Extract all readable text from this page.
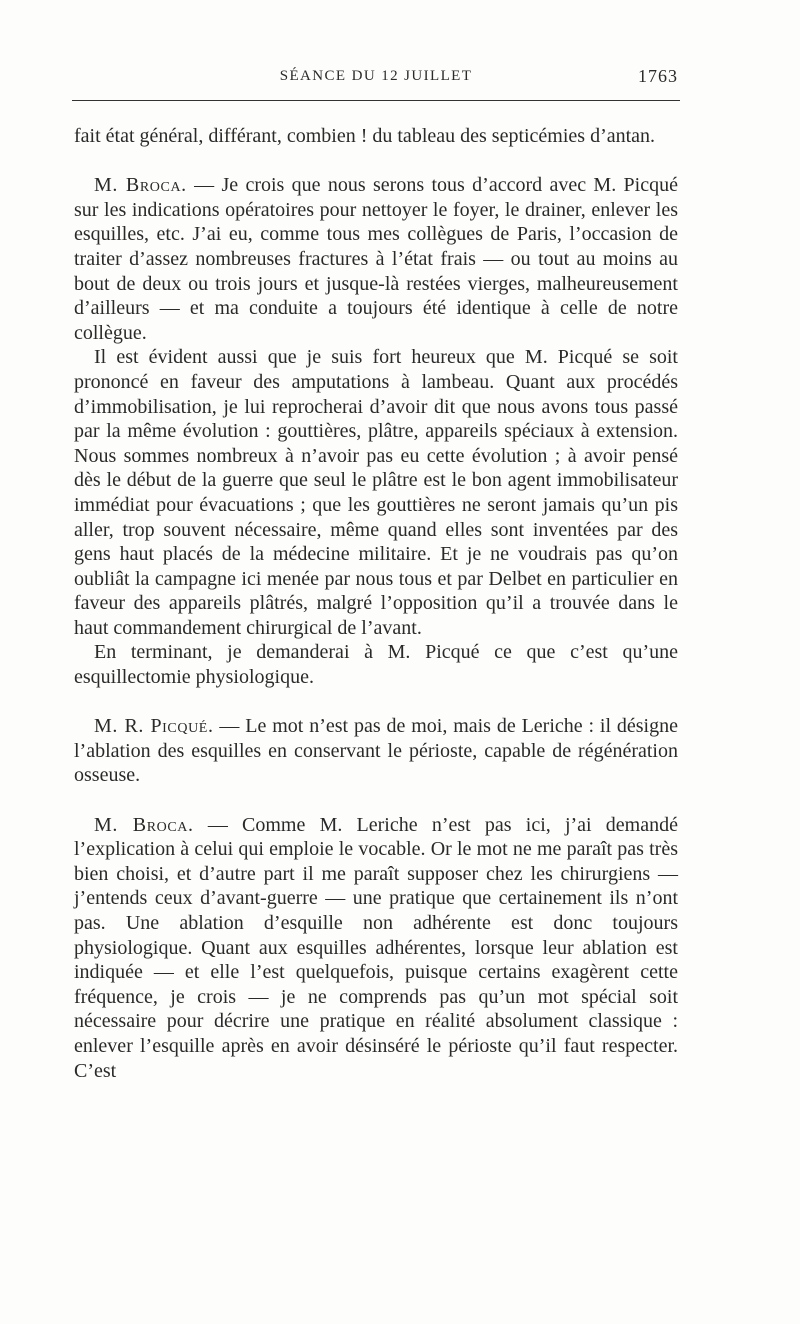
SÉANCE DU 12 JUILLET	1763

fait état général, différant, combien ! du tableau des septicémies d’antan.

M. Broca. — Je crois que nous serons tous d’accord avec M. Picqué sur les indications opératoires pour nettoyer le foyer, le drainer, enlever les esquilles, etc. J’ai eu, comme tous mes collègues de Paris, l’occasion de traiter d’assez nombreuses fractures à l’état frais — ou tout au moins au bout de deux ou trois jours et jusque-là restées vierges, malheureusement d’ailleurs — et ma conduite a toujours été identique à celle de notre collègue.

Il est évident aussi que je suis fort heureux que M. Picqué se soit prononcé en faveur des amputations à lambeau. Quant aux procédés d’immobilisation, je lui reprocherai d’avoir dit que nous avons tous passé par la même évolution : gouttières, plâtre, appareils spéciaux à extension. Nous sommes nombreux à n’avoir pas eu cette évolution ; à avoir pensé dès le début de la guerre que seul le plâtre est le bon agent immobilisateur immédiat pour évacuations ; que les gouttières ne seront jamais qu’un pis aller, trop souvent nécessaire, même quand elles sont inventées par des gens haut placés de la médecine militaire. Et je ne voudrais pas qu’on oubliât la campagne ici menée par nous tous et par Delbet en particulier en faveur des appareils plâtrés, malgré l’opposition qu’il a trouvée dans le haut commandement chirurgical de l’avant.

En terminant, je demanderai à M. Picqué ce que c’est qu’une esquillectomie physiologique.

M. R. Picqué. — Le mot n’est pas de moi, mais de Leriche : il désigne l’ablation des esquilles en conservant le périoste, capable de régénération osseuse.

M. Broca. — Comme M. Leriche n’est pas ici, j’ai demandé l’explication à celui qui emploie le vocable. Or le mot ne me paraît pas très bien choisi, et d’autre part il me paraît supposer chez les chirurgiens — j’entends ceux d’avant-guerre — une pratique que certainement ils n’ont pas. Une ablation d’esquille non adhérente est donc toujours physiologique. Quant aux esquilles adhérentes, lorsque leur ablation est indiquée — et elle l’est quelquefois, puisque certains exagèrent cette fréquence, je crois — je ne comprends pas qu’un mot spécial soit nécessaire pour décrire une pratique en réalité absolument classique : enlever l’esquille après en avoir désinséré le périoste qu’il faut respecter. C’est
